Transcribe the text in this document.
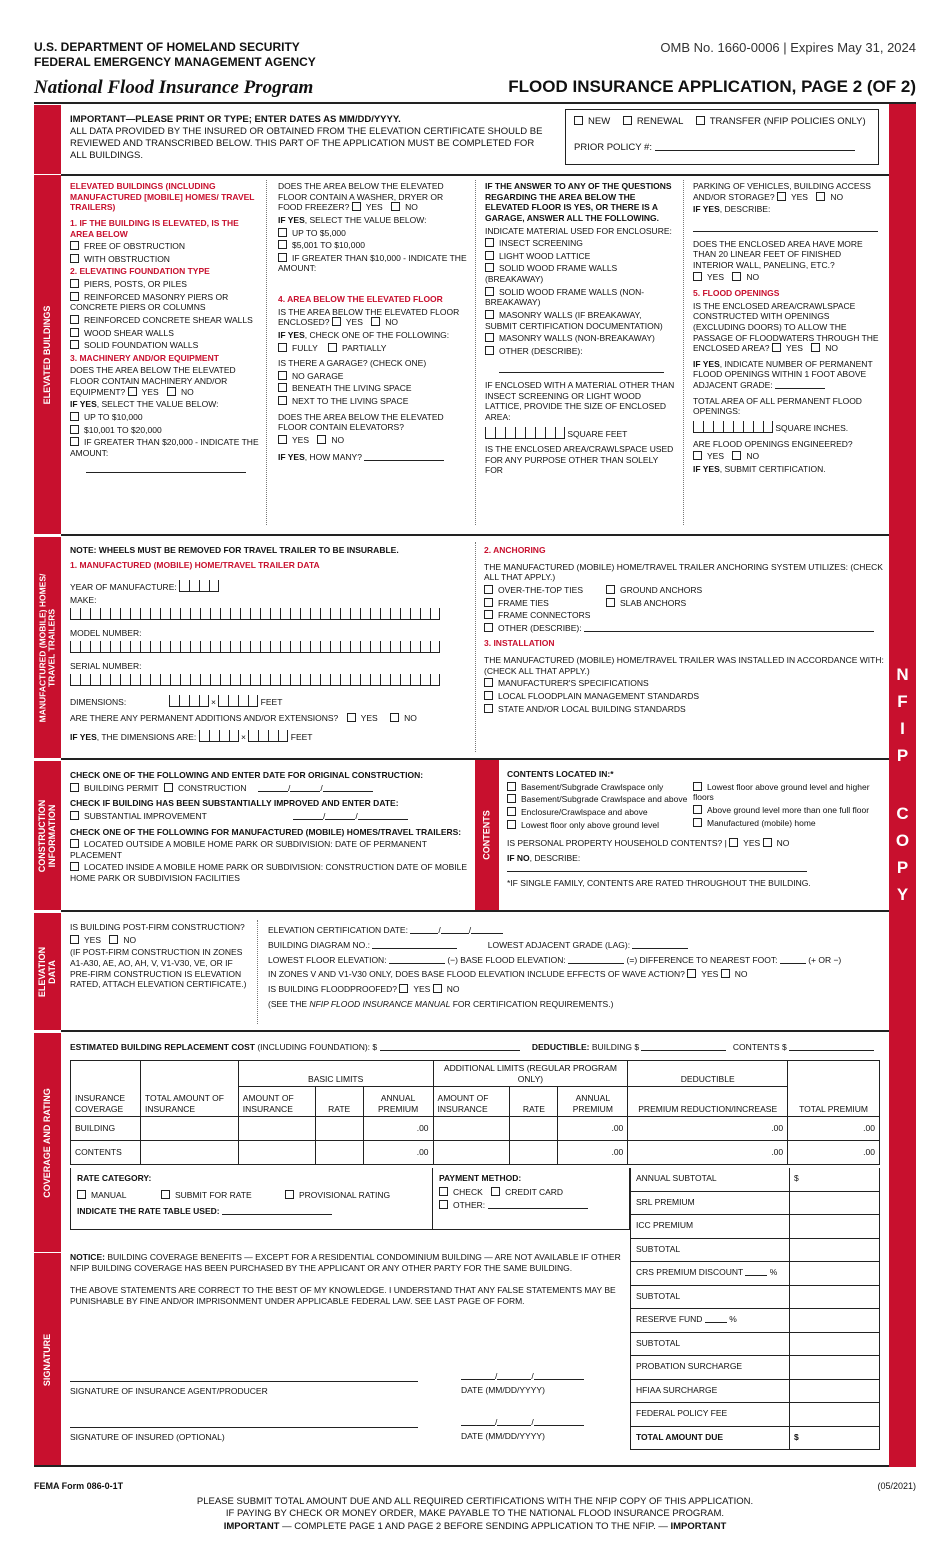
U.S. DEPARTMENT OF HOMELAND SECURITY
FEDERAL EMERGENCY MANAGEMENT AGENCY
National Flood Insurance Program
OMB No. 1660-0006 | Expires May 31, 2024
FLOOD INSURANCE APPLICATION, PAGE 2 (OF 2)
IMPORTANT—PLEASE PRINT OR TYPE; ENTER DATES AS MM/DD/YYYY.
ALL DATA PROVIDED BY THE INSURED OR OBTAINED FROM THE ELEVATION CERTIFICATE SHOULD BE REVIEWED AND TRANSCRIBED BELOW. THIS PART OF THE APPLICATION MUST BE COMPLETED FOR ALL BUILDINGS.
NEW	RENEWAL	TRANSFER (NFIP POLICIES ONLY)
PRIOR POLICY #:
ELEVATED BUILDINGS

ELEVATED BUILDINGS (INCLUDING MANUFACTURED [MOBILE] HOMES/ TRAVEL TRAILERS)

1. IF THE BUILDING IS ELEVATED, IS THE AREA BELOW

FREE OF OBSTRUCTION

WITH OBSTRUCTION

2. ELEVATING FOUNDATION TYPE

PIERS, POSTS, OR PILES

REINFORCED MASONRY PIERS OR CONCRETE PIERS OR COLUMNS

REINFORCED CONCRETE SHEAR WALLS

WOOD SHEAR WALLS

SOLID FOUNDATION WALLS

3. MACHINERY AND/OR EQUIPMENT

DOES THE AREA BELOW THE ELEVATED FLOOR CONTAIN MACHINERY AND/OR EQUIPMENT? YES	NO

IF YES, SELECT THE VALUE BELOW:

UP TO $10,000

$10,001 TO $20,000

IF GREATER THAN $20,000 - INDICATE THE AMOUNT:

DOES THE AREA BELOW THE ELEVATED FLOOR CONTAIN A WASHER, DRYER OR FOOD FREEZER? YES	NO

IF YES, SELECT THE VALUE BELOW:

UP TO $5,000

$5,001 TO $10,000

IF GREATER THAN $10,000 - INDICATE THE AMOUNT:

4. AREA BELOW THE ELEVATED FLOOR

IS THE AREA BELOW THE ELEVATED FLOOR ENCLOSED? YES	NO

IF YES, CHECK ONE OF THE FOLLOWING:

FULLY	PARTIALLY

IS THERE A GARAGE? (CHECK ONE)

NO GARAGE

BENEATH THE LIVING SPACE

NEXT TO THE LIVING SPACE

DOES THE AREA BELOW THE ELEVATED FLOOR CONTAIN ELEVATORS?

YES	NO

IF YES, HOW MANY?

IF THE ANSWER TO ANY OF THE QUESTIONS REGARDING THE AREA BELOW THE ELEVATED FLOOR IS YES, OR THERE IS A GARAGE, ANSWER ALL THE FOLLOWING.

INDICATE MATERIAL USED FOR ENCLOSURE:

INSECT SCREENING

LIGHT WOOD LATTICE

SOLID WOOD FRAME WALLS (BREAKAWAY)

SOLID WOOD FRAME WALLS (NON-BREAKAWAY)

MASONRY WALLS (IF BREAKAWAY, SUBMIT CERTIFICATION DOCUMENTATION)

MASONRY WALLS (NON-BREAKAWAY)

OTHER (DESCRIBE):

IF ENCLOSED WITH A MATERIAL OTHER THAN INSECT SCREENING OR LIGHT WOOD LATTICE, PROVIDE THE SIZE OF ENCLOSED AREA:

SQUARE FEET

IS THE ENCLOSED AREA/CRAWLSPACE USED FOR ANY PURPOSE OTHER THAN SOLELY FOR

PARKING OF VEHICLES, BUILDING ACCESS AND/OR STORAGE? YES	NO

IF YES, DESCRIBE:

DOES THE ENCLOSED AREA HAVE MORE THAN 20 LINEAR FEET OF FINISHED INTERIOR WALL, PANELING, ETC.?

YES	NO

5. FLOOD OPENINGS

IS THE ENCLOSED AREA/CRAWLSPACE CONSTRUCTED WITH OPENINGS (EXCLUDING DOORS) TO ALLOW THE PASSAGE OF FLOODWATERS THROUGH THE ENCLOSED AREA? YES	NO

IF YES, INDICATE NUMBER OF PERMANENT FLOOD OPENINGS WITHIN 1 FOOT ABOVE ADJACENT GRADE:

TOTAL AREA OF ALL PERMANENT FLOOD OPENINGS:

SQUARE INCHES.

ARE FLOOD OPENINGS ENGINEERED?

YES	NO

IF YES, SUBMIT CERTIFICATION.

MANUFACTURED (MOBILE) HOMES/
TRAVEL TRAILERS

NOTE: WHEELS MUST BE REMOVED FOR TRAVEL TRAILER TO BE INSURABLE.

1. MANUFACTURED (MOBILE) HOME/TRAVEL TRAILER DATA

YEAR OF MANUFACTURE:

MAKE:

MODEL NUMBER:

SERIAL NUMBER:

DIMENSIONS:	×	FEET

ARE THERE ANY PERMANENT ADDITIONS AND/OR EXTENSIONS?	YES	NO

IF YES, THE DIMENSIONS ARE:	×	FEET

2. ANCHORING

THE MANUFACTURED (MOBILE) HOME/TRAVEL TRAILER ANCHORING SYSTEM UTILIZES: (CHECK ALL THAT APPLY.)

OVER-THE-TOP TIES	GROUND ANCHORS

FRAME TIES	SLAB ANCHORS

FRAME CONNECTORS

OTHER (DESCRIBE):

3. INSTALLATION

THE MANUFACTURED (MOBILE) HOME/TRAVEL TRAILER WAS INSTALLED IN ACCORDANCE WITH: (CHECK ALL THAT APPLY.)

MANUFACTURER'S SPECIFICATIONS

LOCAL FLOODPLAIN MANAGEMENT STANDARDS

STATE AND/OR LOCAL BUILDING STANDARDS

CONSTRUCTION
INFORMATION

CHECK ONE OF THE FOLLOWING AND ENTER DATE FOR ORIGINAL CONSTRUCTION:

BUILDING PERMIT CONSTRUCTION	/	/

CHECK IF BUILDING HAS BEEN SUBSTANTIALLY IMPROVED AND ENTER DATE:

SUBSTANTIAL IMPROVEMENT	/	/

CHECK ONE OF THE FOLLOWING FOR MANUFACTURED (MOBILE) HOMES/TRAVEL TRAILERS:

LOCATED OUTSIDE A MOBILE HOME PARK OR SUBDIVISION: DATE OF PERMANENT PLACEMENT

LOCATED INSIDE A MOBILE HOME PARK OR SUBDIVISION: CONSTRUCTION DATE OF MOBILE HOME PARK OR SUBDIVISION FACILITIES

CONTENTS

CONTENTS LOCATED IN:*

Basement/Subgrade Crawlspace only

Basement/Subgrade Crawlspace and above

Enclosure/Crawlspace and above

Lowest floor only above ground level

Lowest floor above ground level and higher floors

Above ground level more than one full floor

Manufactured (mobile) home

IS PERSONAL PROPERTY HOUSEHOLD CONTENTS? | YES NO

IF NO, DESCRIBE:

*IF SINGLE FAMILY, CONTENTS ARE RATED THROUGHOUT THE BUILDING.

ELEVATION
DATA

IS BUILDING POST-FIRM CONSTRUCTION?

YES	NO

(IF POST-FIRM CONSTRUCTION IN ZONES A1-A30, AE, AO, AH, V, V1-V30, VE, OR IF PRE-FIRM CONSTRUCTION IS ELEVATION RATED, ATTACH ELEVATION CERTIFICATE.)

ELEVATION CERTIFICATION DATE:	/	/

BUILDING DIAGRAM NO.:	LOWEST ADJACENT GRADE (LAG):

LOWEST FLOOR ELEVATION:	(−) BASE FLOOD ELEVATION:	(=) DIFFERENCE TO NEAREST FOOT:	(+ OR −)

IN ZONES V AND V1-V30 ONLY, DOES BASE FLOOD ELEVATION INCLUDE EFFECTS OF WAVE ACTION? YES NO

IS BUILDING FLOODPROOFED? YES NO

(SEE THE NFIP FLOOD INSURANCE MANUAL FOR CERTIFICATION REQUIREMENTS.)

COVERAGE AND RATING
ESTIMATED BUILDING REPLACEMENT COST (INCLUDING FOUNDATION): $	DEDUCTIBLE: BUILDING $	CONTENTS $
INSURANCE COVERAGE	TOTAL AMOUNT OF INSURANCE	BASIC LIMITS			ADDITIONAL LIMITS (REGULAR PROGRAM ONLY)			DEDUCTIBLE	TOTAL PREMIUM
		AMOUNT OF INSURANCE	RATE	ANNUAL PREMIUM	AMOUNT OF INSURANCE	RATE	ANNUAL PREMIUM	PREMIUM REDUCTION/INCREASE	
BUILDING				.00			.00	.00	.00
CONTENTS				.00			.00	.00	.00

RATE CATEGORY:

MANUAL	SUBMIT FOR RATE	PROVISIONAL RATING

INDICATE THE RATE TABLE USED:

PAYMENT METHOD:

CHECK	CREDIT CARD

OTHER:

ANNUAL SUBTOTAL	$
SRL PREMIUM
ICC PREMIUM
SUBTOTAL
CRS PREMIUM DISCOUNT	%
SUBTOTAL
RESERVE FUND	%
SUBTOTAL
PROBATION SURCHARGE
HFIAA SURCHARGE
FEDERAL POLICY FEE
TOTAL AMOUNT DUE	$
SIGNATURE

NOTICE: BUILDING COVERAGE BENEFITS — EXCEPT FOR A RESIDENTIAL CONDOMINIUM BUILDING — ARE NOT AVAILABLE IF OTHER NFIP BUILDING COVERAGE HAS BEEN PURCHASED BY THE APPLICANT OR ANY OTHER PARTY FOR THE SAME BUILDING.

THE ABOVE STATEMENTS ARE CORRECT TO THE BEST OF MY KNOWLEDGE. I UNDERSTAND THAT ANY FALSE STATEMENTS MAY BE PUNISHABLE BY FINE AND/OR IMPRISONMENT UNDER APPLICABLE FEDERAL LAW. SEE LAST PAGE OF FORM.

SIGNATURE OF INSURANCE AGENT/PRODUCER
/	/
DATE (MM/DD/YYYY)
SIGNATURE OF INSURED (OPTIONAL)
/	/
DATE (MM/DD/YYYY)
N
F
I
P
C
O
P
Y
FEMA Form 086-0-1T	(05/2021)
PLEASE SUBMIT TOTAL AMOUNT DUE AND ALL REQUIRED CERTIFICATIONS WITH THE NFIP COPY OF THIS APPLICATION.
IF PAYING BY CHECK OR MONEY ORDER, MAKE PAYABLE TO THE NATIONAL FLOOD INSURANCE PROGRAM.
IMPORTANT — COMPLETE PAGE 1 AND PAGE 2 BEFORE SENDING APPLICATION TO THE NFIP. — IMPORTANT
